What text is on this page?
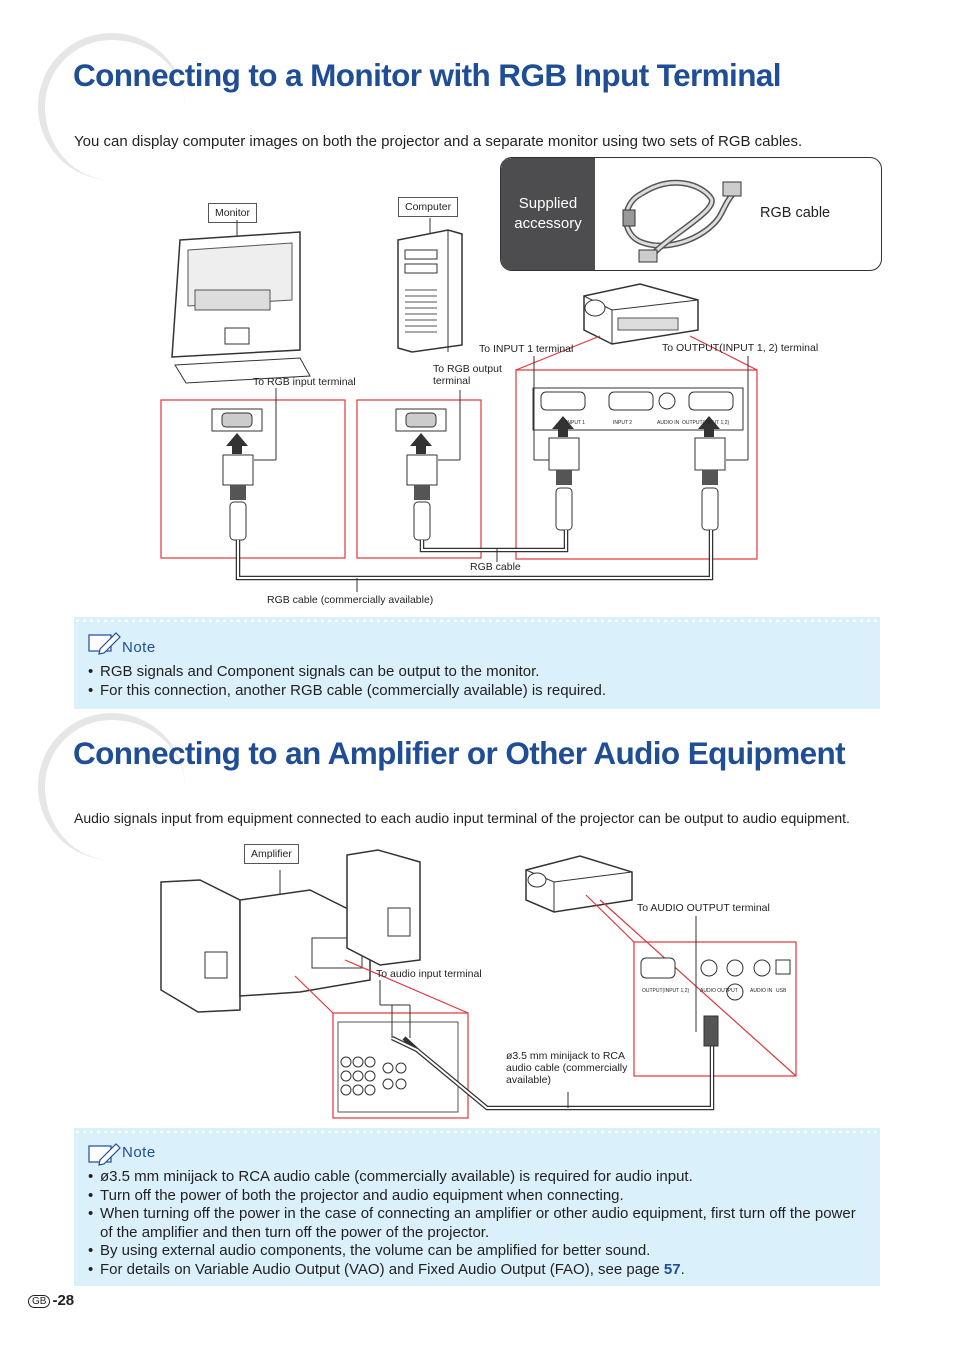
Connecting to a Monitor with RGB Input Terminal
You can display computer images on both the projector and a separate monitor using two sets of RGB cables.
Supplied accessory
RGB cable
Monitor	Computer
To RGB input terminal
To RGB output terminal
To INPUT 1 terminal	To OUTPUT(INPUT 1, 2) terminal
RGB cable
RGB cable (commercially available)
INPUT 1	INPUT 2	AUDIO IN OUTPUT(INPUT 1,2)
Note
• RGB signals and Component signals can be output to the monitor.
• For this connection, another RGB cable (commercially available) is required.
Connecting to an Amplifier or Other Audio Equipment
Audio signals input from equipment connected to each audio input terminal of the projector can be output to audio equipment.
Amplifier
To AUDIO OUTPUT terminal
To audio input terminal
ø3.5 mm minijack to RCA audio cable (commercially available)
OUTPUT(INPUT 1,2) AUDIO OUTPUT AUDIO IN USB
Note
• ø3.5 mm minijack to RCA audio cable (commercially available) is required for audio input.
• Turn off the power of both the projector and audio equipment when connecting.
• When turning off the power in the case of connecting an amplifier or other audio equipment, first turn off the power of the amplifier and then turn off the power of the projector.
• By using external audio components, the volume can be amplified for better sound.
• For details on Variable Audio Output (VAO) and Fixed Audio Output (FAO), see page 57.
GB -28
